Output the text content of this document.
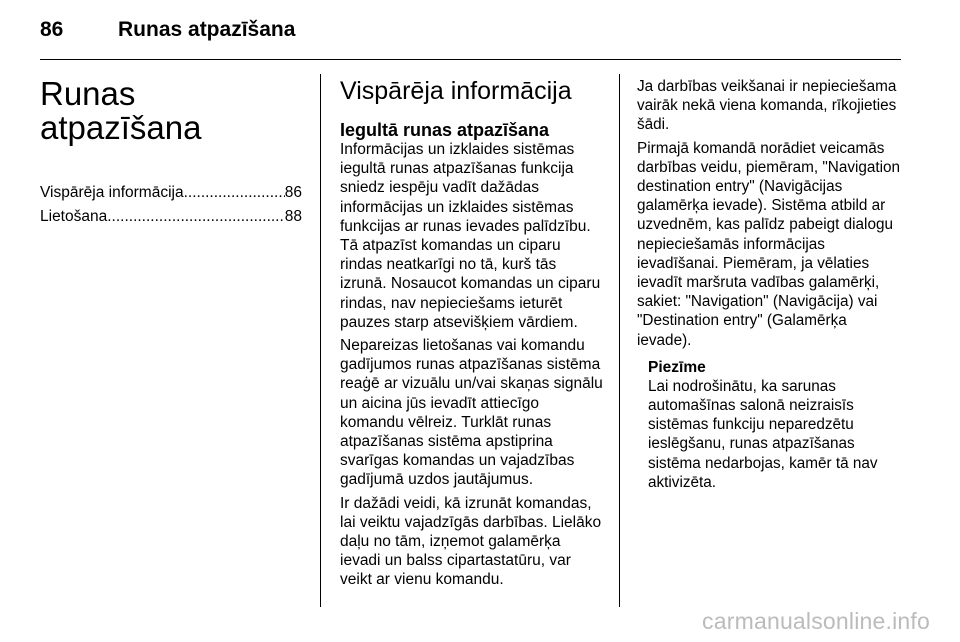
86	Runas atpazīšana
Runas atpazīšana
Vispārēja informācija .....	86
Lietošana .....	88
Vispārēja informācija
Iegultā runas atpazīšana

Informācijas un izklaides sistēmas iegultā runas atpazīšanas funkcija sniedz iespēju vadīt dažādas informācijas un izklaides sistēmas funkcijas ar runas ievades palīdzību. Tā atpazīst komandas un ciparu rindas neatkarīgi no tā, kurš tās izrunā. Nosaucot komandas un ciparu rindas, nav nepieciešams ieturēt pauzes starp atsevišķiem vārdiem.

Nepareizas lietošanas vai komandu gadījumos runas atpazīšanas sistēma reaģē ar vizuālu un/vai skaņas signālu un aicina jūs ievadīt attiecīgo komandu vēlreiz. Turklāt runas atpazīšanas sistēma apstiprina svarīgas komandas un vajadzības gadījumā uzdos jautājumus.

Ir dažādi veidi, kā izrunāt komandas, lai veiktu vajadzīgās darbības. Lielāko daļu no tām, izņemot galamērķa ievadi un balss cipartastatūru, var veikt ar vienu komandu.

Ja darbības veikšanai ir nepieciešama vairāk nekā viena komanda, rīkojieties šādi.

Pirmajā komandā norādiet veicamās darbības veidu, piemēram, "Navigation destination entry" (Navigācijas galamērķa ievade). Sistēma atbild ar uzvednēm, kas palīdz pabeigt dialogu nepieciešamās informācijas ievadīšanai. Piemēram, ja vēlaties ievadīt maršruta vadības galamērķi, sakiet: "Navigation" (Navigācija) vai "Destination entry" (Galamērķa ievade).

Piezīme

Lai nodrošinātu, ka sarunas automašīnas salonā neizraisīs sistēmas funkciju neparedzētu ieslēgšanu, runas atpazīšanas sistēma nedarbojas, kamēr tā nav aktivizēta.

carmanualsonline.info
